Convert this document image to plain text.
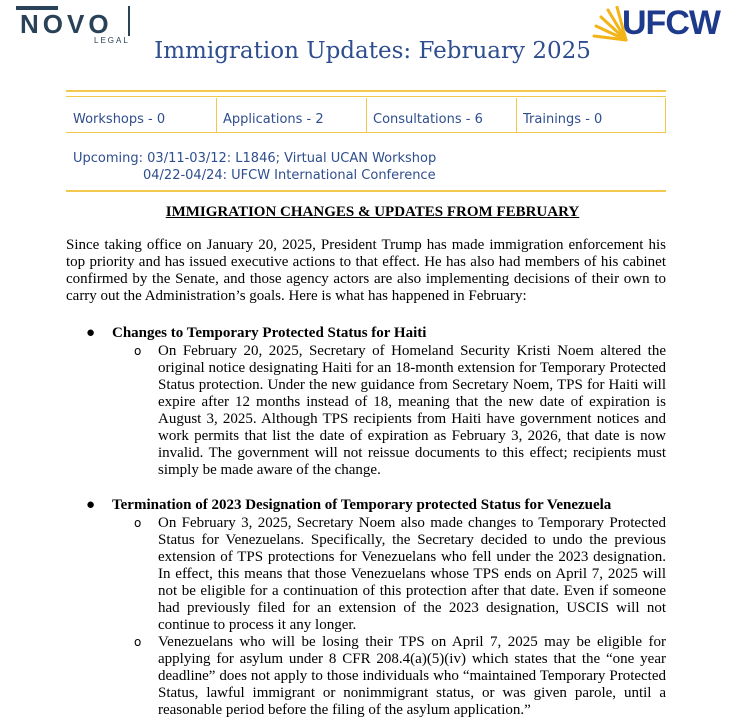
NOVO
LEGAL	UFCW
Immigration Updates: February 2025
Workshops - 0	Applications - 2	Consultations - 6	Trainings - 0
Upcoming: 03/11-03/12: L1846; Virtual UCAN Workshop
04/22-04/24: UFCW International Conference
IMMIGRATION CHANGES & UPDATES FROM FEBRUARY
Since taking office on January 20, 2025, President Trump has made immigration enforcement his top priority and has issued executive actions to that effect. He has also had members of his cabinet confirmed by the Senate, and those agency actors are also implementing decisions of their own to carry out the Administration’s goals. Here is what has happened in February:
● Changes to Temporary Protected Status for Haiti
o On February 20, 2025, Secretary of Homeland Security Kristi Noem altered the original notice designating Haiti for an 18-month extension for Temporary Protected Status protection. Under the new guidance from Secretary Noem, TPS for Haiti will expire after 12 months instead of 18, meaning that the new date of expiration is August 3, 2025. Although TPS recipients from Haiti have government notices and work permits that list the date of expiration as February 3, 2026, that date is now invalid. The government will not reissue documents to this effect; recipients must simply be made aware of the change.
● Termination of 2023 Designation of Temporary protected Status for Venezuela
o On February 3, 2025, Secretary Noem also made changes to Temporary Protected Status for Venezuelans. Specifically, the Secretary decided to undo the previous extension of TPS protections for Venezuelans who fell under the 2023 designation. In effect, this means that those Venezuelans whose TPS ends on April 7, 2025 will not be eligible for a continuation of this protection after that date. Even if someone had previously filed for an extension of the 2023 designation, USCIS will not continue to process it any longer.
o Venezuelans who will be losing their TPS on April 7, 2025 may be eligible for applying for asylum under 8 CFR 208.4(a)(5)(iv) which states that the “one year deadline” does not apply to those individuals who “maintained Temporary Protected Status, lawful immigrant or nonimmigrant status, or was given parole, until a reasonable period before the filing of the asylum application.”
